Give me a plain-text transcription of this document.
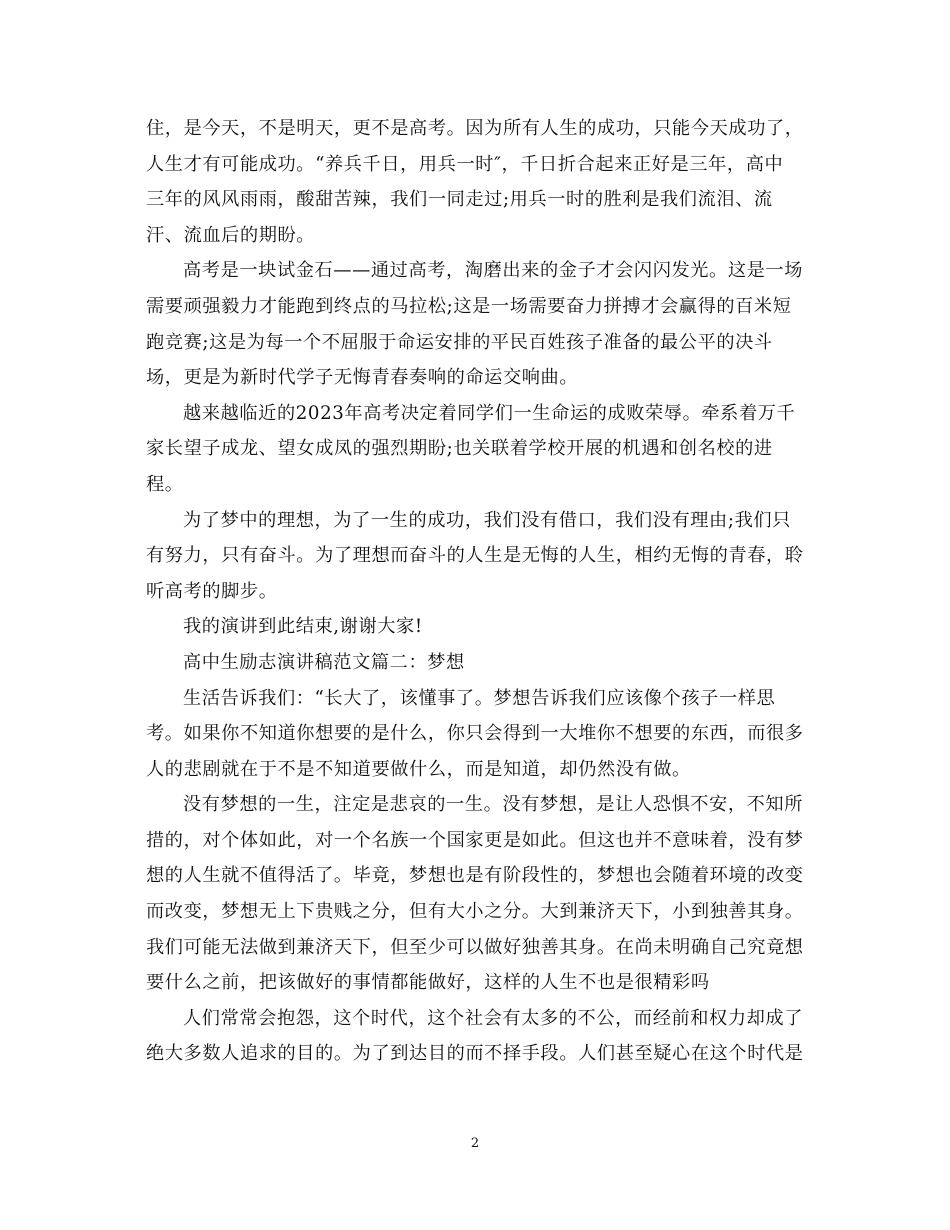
住，是今天，不是明天，更不是高考。因为所有人生的成功，只能今天成功了，
人生才有可能成功。“养兵千日，用兵一时″，千日折合起来正好是三年，高中
三年的风风雨雨，酸甜苦辣，我们一同走过;用兵一时的胜利是我们流泪、流
汗、流血后的期盼。
高考是一块试金石——通过高考，淘磨出来的金子才会闪闪发光。这是一场
需要顽强毅力才能跑到终点的马拉松;这是一场需要奋力拼搏才会赢得的百米短
跑竞赛;这是为每一个不屈服于命运安排的平民百姓孩子准备的最公平的决斗
场，更是为新时代学子无悔青春奏响的命运交响曲。
越来越临近的2023年高考决定着同学们一生命运的成败荣辱。牵系着万千
家长望子成龙、望女成凤的强烈期盼;也关联着学校开展的机遇和创名校的进
程。
为了梦中的理想，为了一生的成功，我们没有借口，我们没有理由;我们只
有努力，只有奋斗。为了理想而奋斗的人生是无悔的人生，相约无悔的青春，聆
听高考的脚步。
我的演讲到此结束,谢谢大家!
高中生励志演讲稿范文篇二：梦想
生活告诉我们：“长大了，该懂事了。梦想告诉我们应该像个孩子一样思
考。如果你不知道你想要的是什么，你只会得到一大堆你不想要的东西，而很多
人的悲剧就在于不是不知道要做什么，而是知道，却仍然没有做。
没有梦想的一生，注定是悲哀的一生。没有梦想，是让人恐惧不安，不知所
措的，对个体如此，对一个名族一个国家更是如此。但这也并不意味着，没有梦
想的人生就不值得活了。毕竟，梦想也是有阶段性的，梦想也会随着环境的改变
而改变，梦想无上下贵贱之分，但有大小之分。大到兼济天下，小到独善其身。
我们可能无法做到兼济天下，但至少可以做好独善其身。在尚未明确自己究竟想
要什么之前，把该做好的事情都能做好，这样的人生不也是很精彩吗
人们常常会抱怨，这个时代，这个社会有太多的不公，而经前和权力却成了
绝大多数人追求的目的。为了到达目的而不择手段。人们甚至疑心在这个时代是
2
